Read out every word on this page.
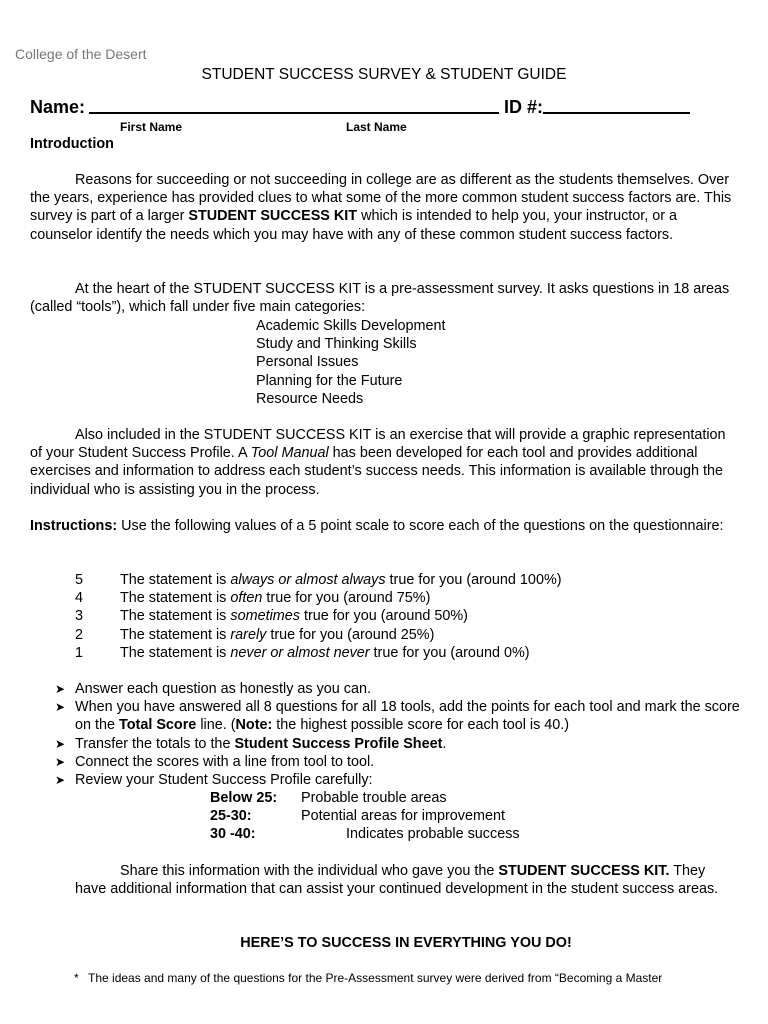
College of the Desert
STUDENT SUCCESS SURVEY & STUDENT GUIDE
Name:	ID #:
First Name	Last Name
Introduction
Reasons for succeeding or not succeeding in college are as different as the students themselves. Over the years, experience has provided clues to what some of the more common student success factors are. This survey is part of a larger STUDENT SUCCESS KIT which is intended to help you, your instructor, or a counselor identify the needs which you may have with any of these common student success factors.
At the heart of the STUDENT SUCCESS KIT is a pre-assessment survey. It asks questions in 18 areas (called “tools”), which fall under five main categories:
Academic Skills Development
Study and Thinking Skills
Personal Issues
Planning for the Future
Resource Needs
Also included in the STUDENT SUCCESS KIT is an exercise that will provide a graphic representation of your Student Success Profile. A Tool Manual has been developed for each tool and provides additional exercises and information to address each student’s success needs. This information is available through the individual who is assisting you in the process.
Instructions: Use the following values of a 5 point scale to score each of the questions on the questionnaire:
5	The statement is always or almost always true for you (around 100%)
4	The statement is often true for you (around 75%)
3	The statement is sometimes true for you (around 50%)
2	The statement is rarely true for you (around 25%)
1	The statement is never or almost never true for you (around 0%)
➤ Answer each question as honestly as you can.
➤ When you have answered all 8 questions for all 18 tools, add the points for each tool and mark the score on the Total Score line. (Note: the highest possible score for each tool is 40.)
➤ Transfer the totals to the Student Success Profile Sheet.
➤ Connect the scores with a line from tool to tool.
➤ Review your Student Success Profile carefully:
Below 25:	Probable trouble areas
25-30:	Potential areas for improvement
30 -40:	Indicates probable success
Share this information with the individual who gave you the STUDENT SUCCESS KIT. They have additional information that can assist your continued development in the student success areas.
HERE’S TO SUCCESS IN EVERYTHING YOU DO!
* The ideas and many of the questions for the Pre-Assessment survey were derived from “Becoming a Master
